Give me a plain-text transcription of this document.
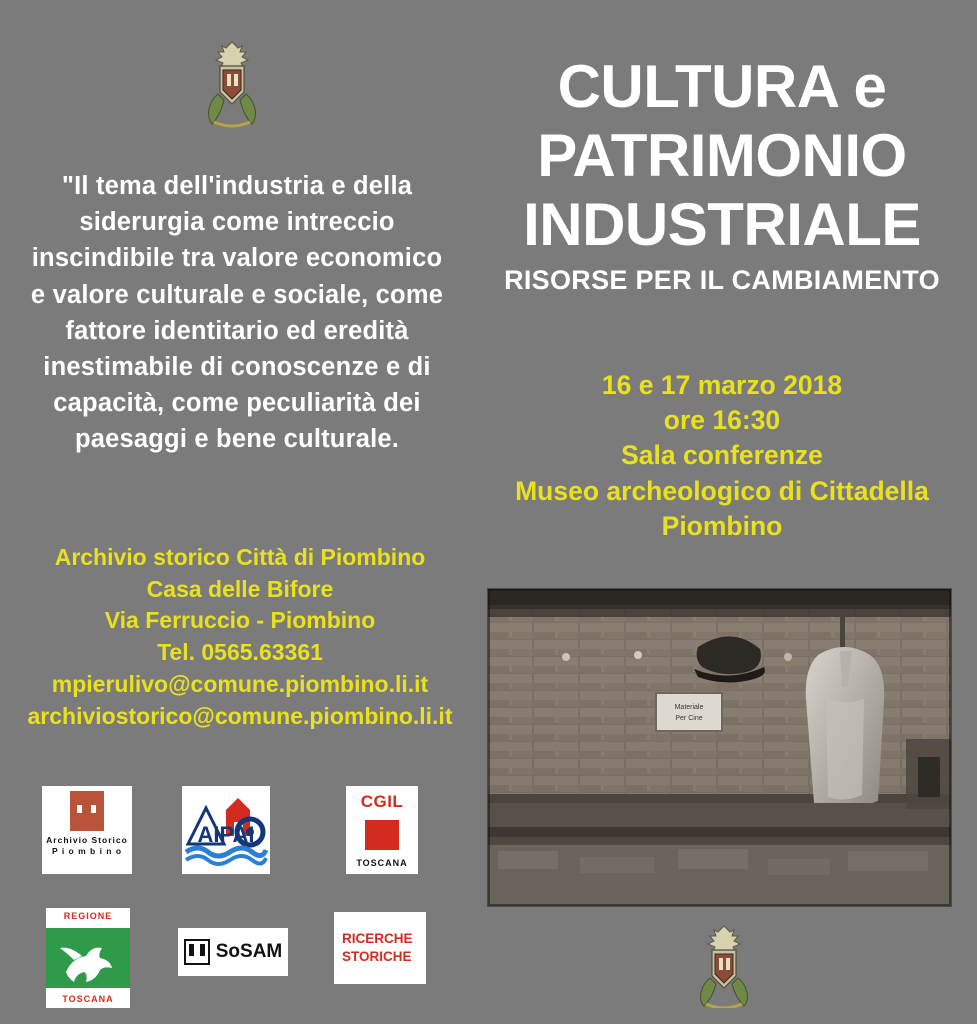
"Il tema dell'industria e della siderurgia come intreccio inscindibile tra valore economico e valore culturale e sociale, come fattore identitario ed eredità inestimabile di conoscenze e di capacità, come peculiarità dei paesaggi e bene culturale.
Archivio storico Città di Piombino
Casa delle Bifore
Via Ferruccio - Piombino
Tel. 0565.63361
mpierulivo@comune.piombino.li.it
archiviostorico@comune.piombino.li.it
CULTURA e
PATRIMONIO
INDUSTRIALE
RISORSE PER IL CAMBIAMENTO
16 e 17 marzo 2018
ore 16:30
Sala conferenze
Museo archeologico di Cittadella
Piombino
Materiale
Per Cine
Archivio Storico
P i o m b i n o
AIPAI
CGIL
TOSCANA
REGIONE
TOSCANA
SoSAM
RICERCHE
STORICHE
